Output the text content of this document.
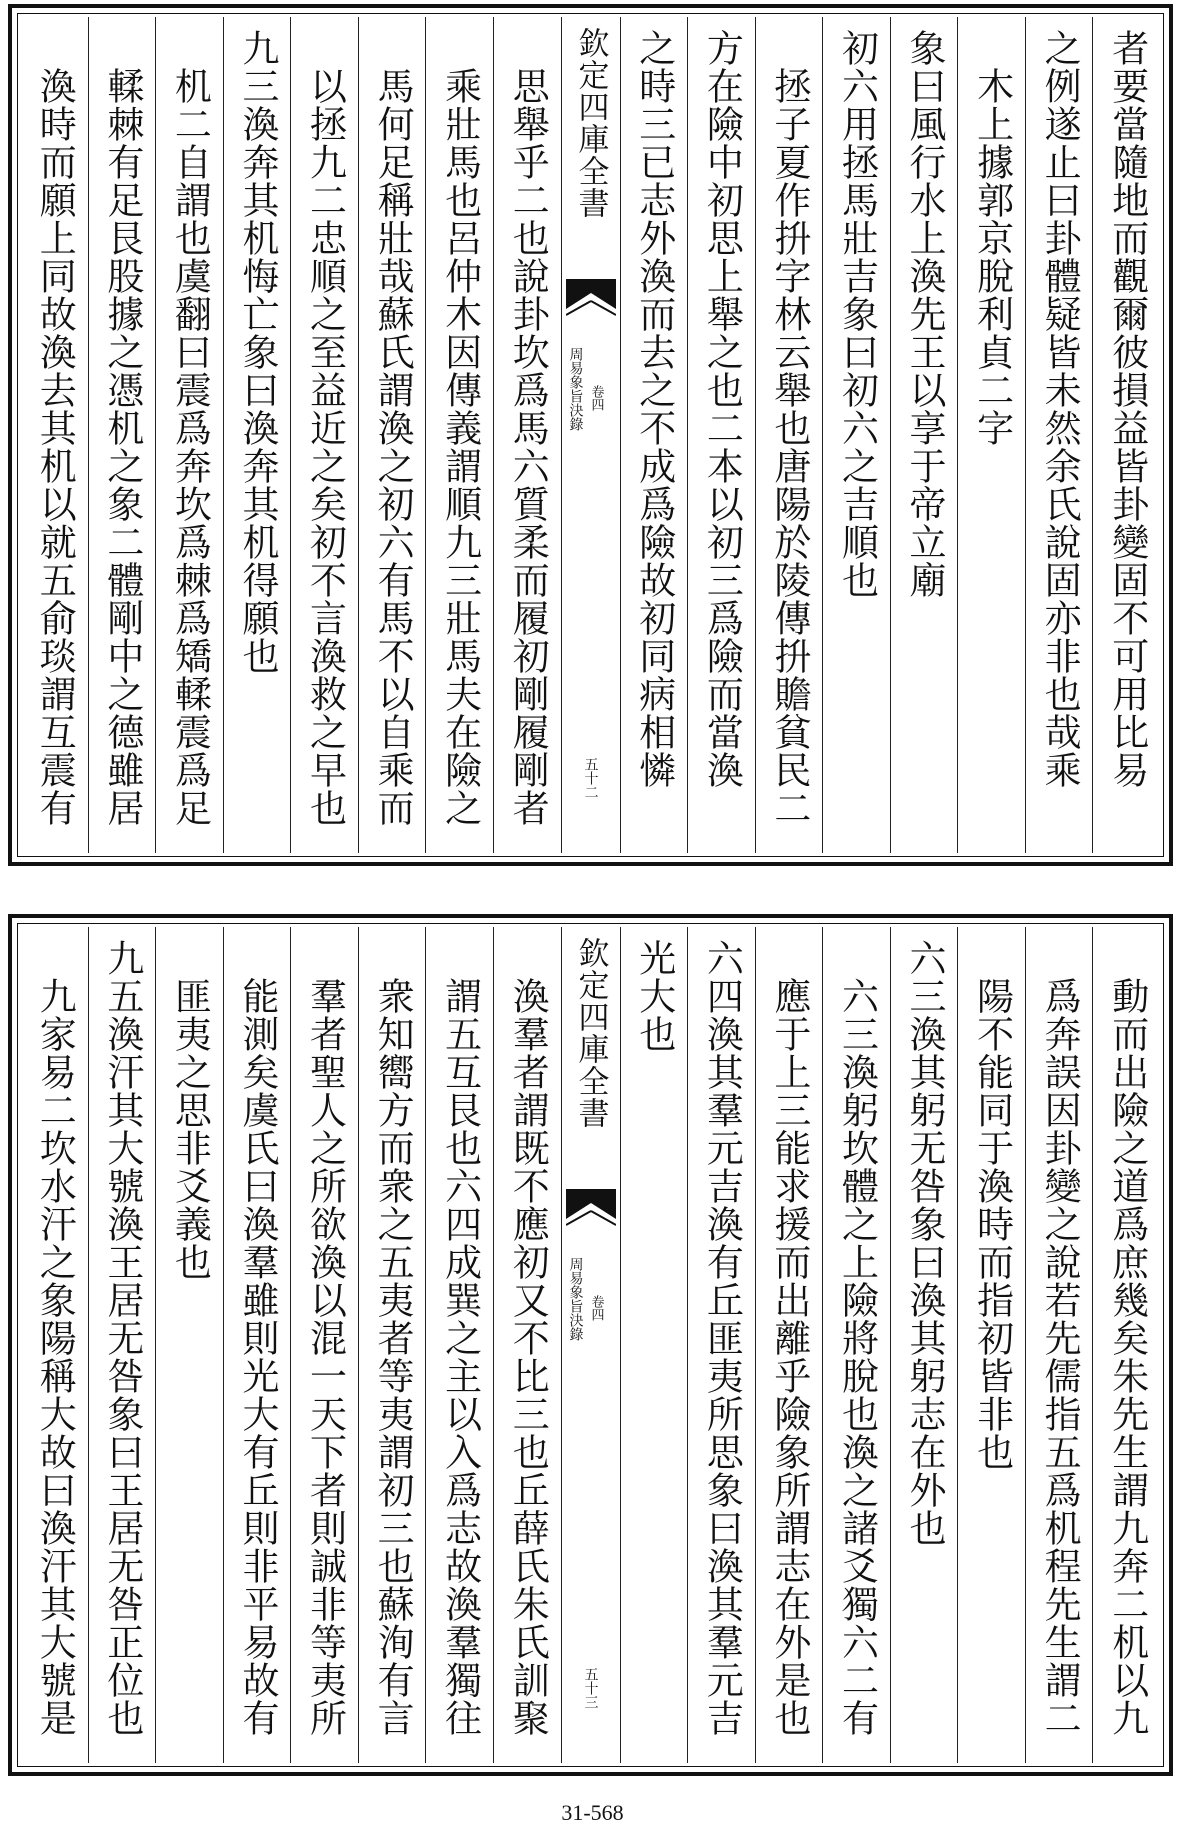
者要當隨地而觀爾彼損益皆卦變固不可用比易
之例遂止曰卦體疑皆未然余氏說固亦非也哉乘
木上據郭京脫利貞二字
象曰風行水上渙先王以享于帝立廟
初六用拯馬壯吉象曰初六之吉順也
拯子夏作抍字林云舉也唐陽於陵傳抍贍貧民二
方在險中初思上舉之也二本以初三爲險而當渙
之時三已志外渙而去之不成爲險故初同病相憐
欽定四庫全書
周易象旨決錄 卷四
五十二
思舉乎二也說卦坎爲馬六質柔而履初剛履剛者
乘壯馬也呂仲木因傳義謂順九三壯馬夫在險之
馬何足稱壯哉蘇氏謂渙之初六有馬不以自乘而
以拯九二忠順之至益近之矣初不言渙救之早也
九三渙奔其机悔亡象曰渙奔其机得願也
机二自謂也虞翻曰震爲奔坎爲棘爲矯輮震爲足
輮棘有足艮股據之憑机之象二體剛中之德雖居
渙時而願上同故渙去其机以就五俞琰謂互震有
動而出險之道爲庶幾矣朱先生謂九奔二机以九
爲奔誤因卦變之說若先儒指五爲机程先生謂二
陽不能同于渙時而指初皆非也
六三渙其躬无咎象曰渙其躬志在外也
六三渙躬坎體之上險將脫也渙之諸爻獨六二有
應于上三能求援而出離乎險象所謂志在外是也
六四渙其羣元吉渙有丘匪夷所思象曰渙其羣元吉
光大也
欽定四庫全書
周易象旨決錄 卷四
五十三
渙羣者謂既不應初又不比三也丘薛氏朱氏訓聚
謂五互艮也六四成巽之主以入爲志故渙羣獨往
衆知嚮方而衆之五夷者等夷謂初三也蘇洵有言
羣者聖人之所欲渙以混一天下者則誠非等夷所
能測矣虞氏曰渙羣雖則光大有丘則非平易故有
匪夷之思非爻義也
九五渙汗其大號渙王居无咎象曰王居无咎正位也
九家易二坎水汗之象陽稱大故曰渙汗其大號是
31-568
